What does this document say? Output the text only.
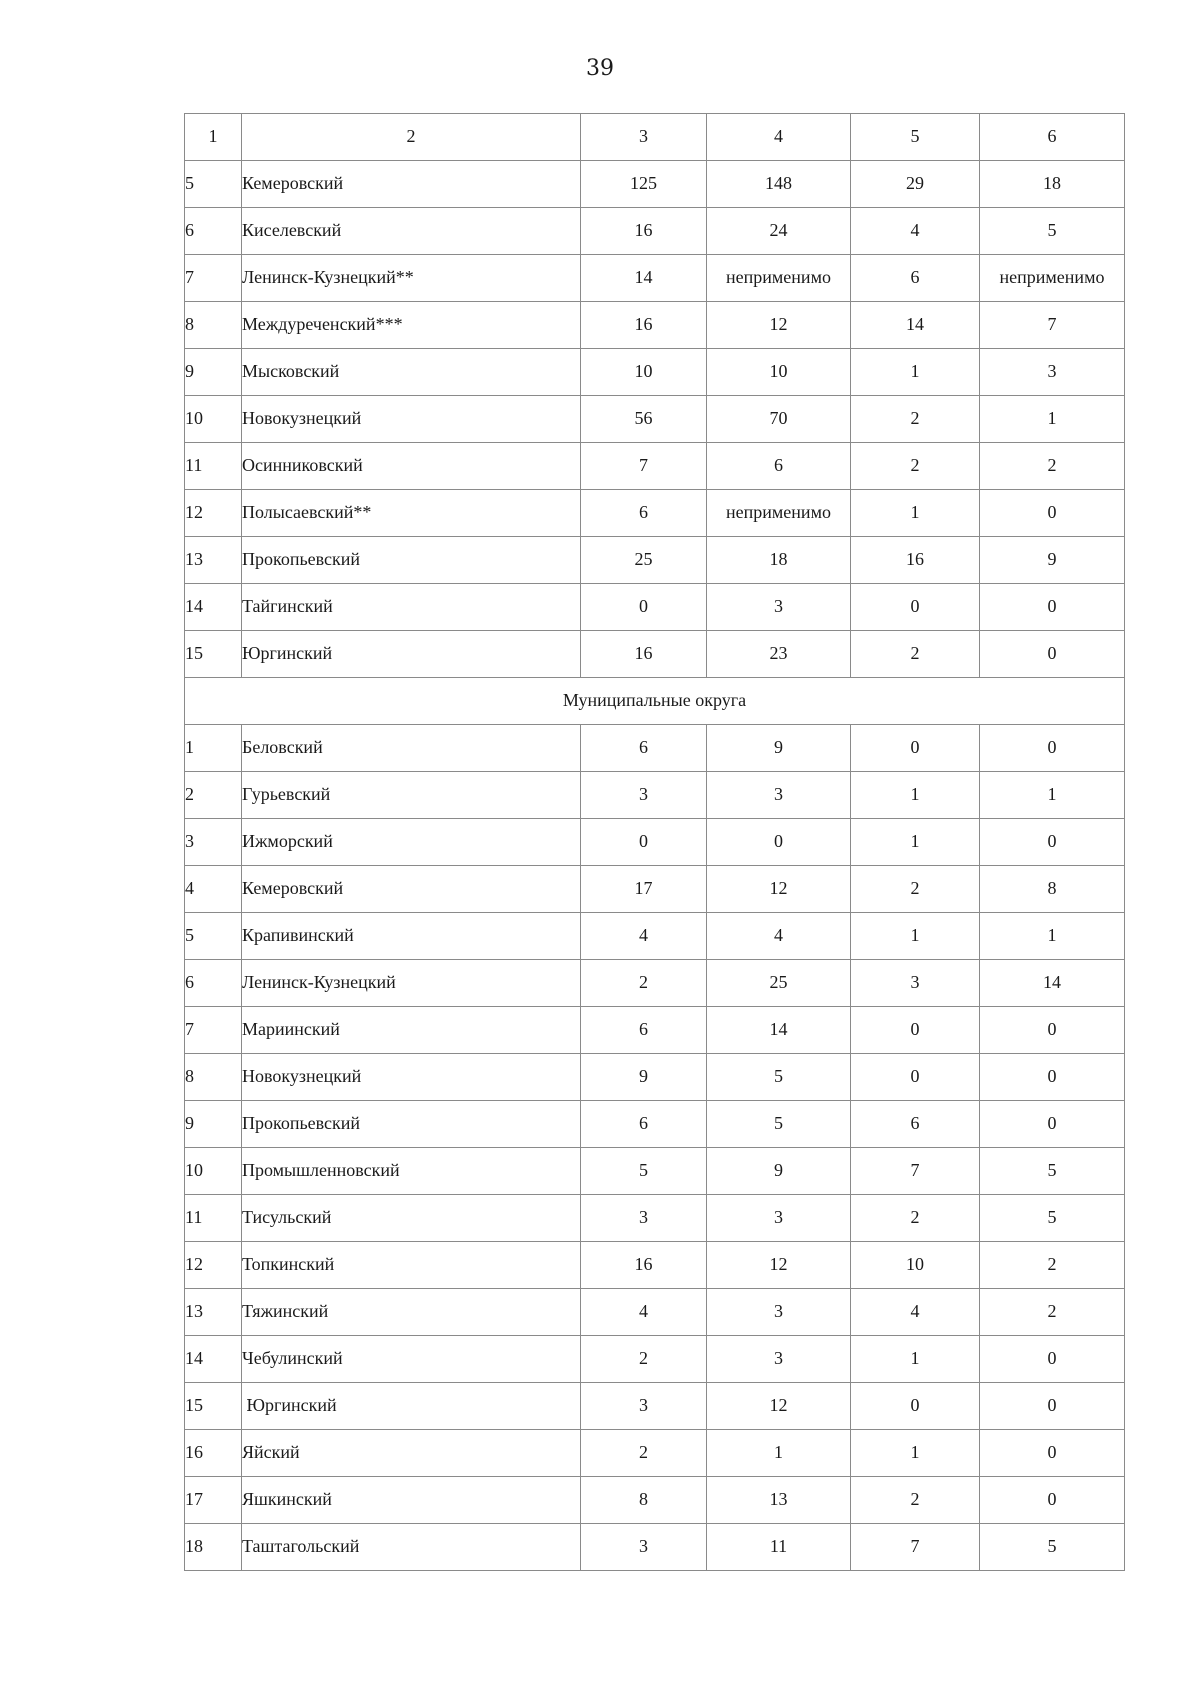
39
1	2	3	4	5	6
5	Кемеровский	125	148	29	18
6	Киселевский	16	24	4	5
7	Ленинск-Кузнецкий**	14	неприменимо	6	неприменимо
8	Междуреченский***	16	12	14	7
9	Мысковский	10	10	1	3
10	Новокузнецкий	56	70	2	1
11	Осинниковский	7	6	2	2
12	Полысаевский**	6	неприменимо	1	0
13	Прокопьевский	25	18	16	9
14	Тайгинский	0	3	0	0
15	Юргинский	16	23	2	0
Муниципальные округа					
1	Беловский	6	9	0	0
2	Гурьевский	3	3	1	1
3	Ижморский	0	0	1	0
4	Кемеровский	17	12	2	8
5	Крапивинский	4	4	1	1
6	Ленинск-Кузнецкий	2	25	3	14
7	Мариинский	6	14	0	0
8	Новокузнецкий	9	5	0	0
9	Прокопьевский	6	5	6	0
10	Промышленновский	5	9	7	5
11	Тисульский	3	3	2	5
12	Топкинский	16	12	10	2
13	Тяжинский	4	3	4	2
14	Чебулинский	2	3	1	0
15	Юргинский	3	12	0	0
16	Яйский	2	1	1	0
17	Яшкинский	8	13	2	0
18	Таштагольский	3	11	7	5
